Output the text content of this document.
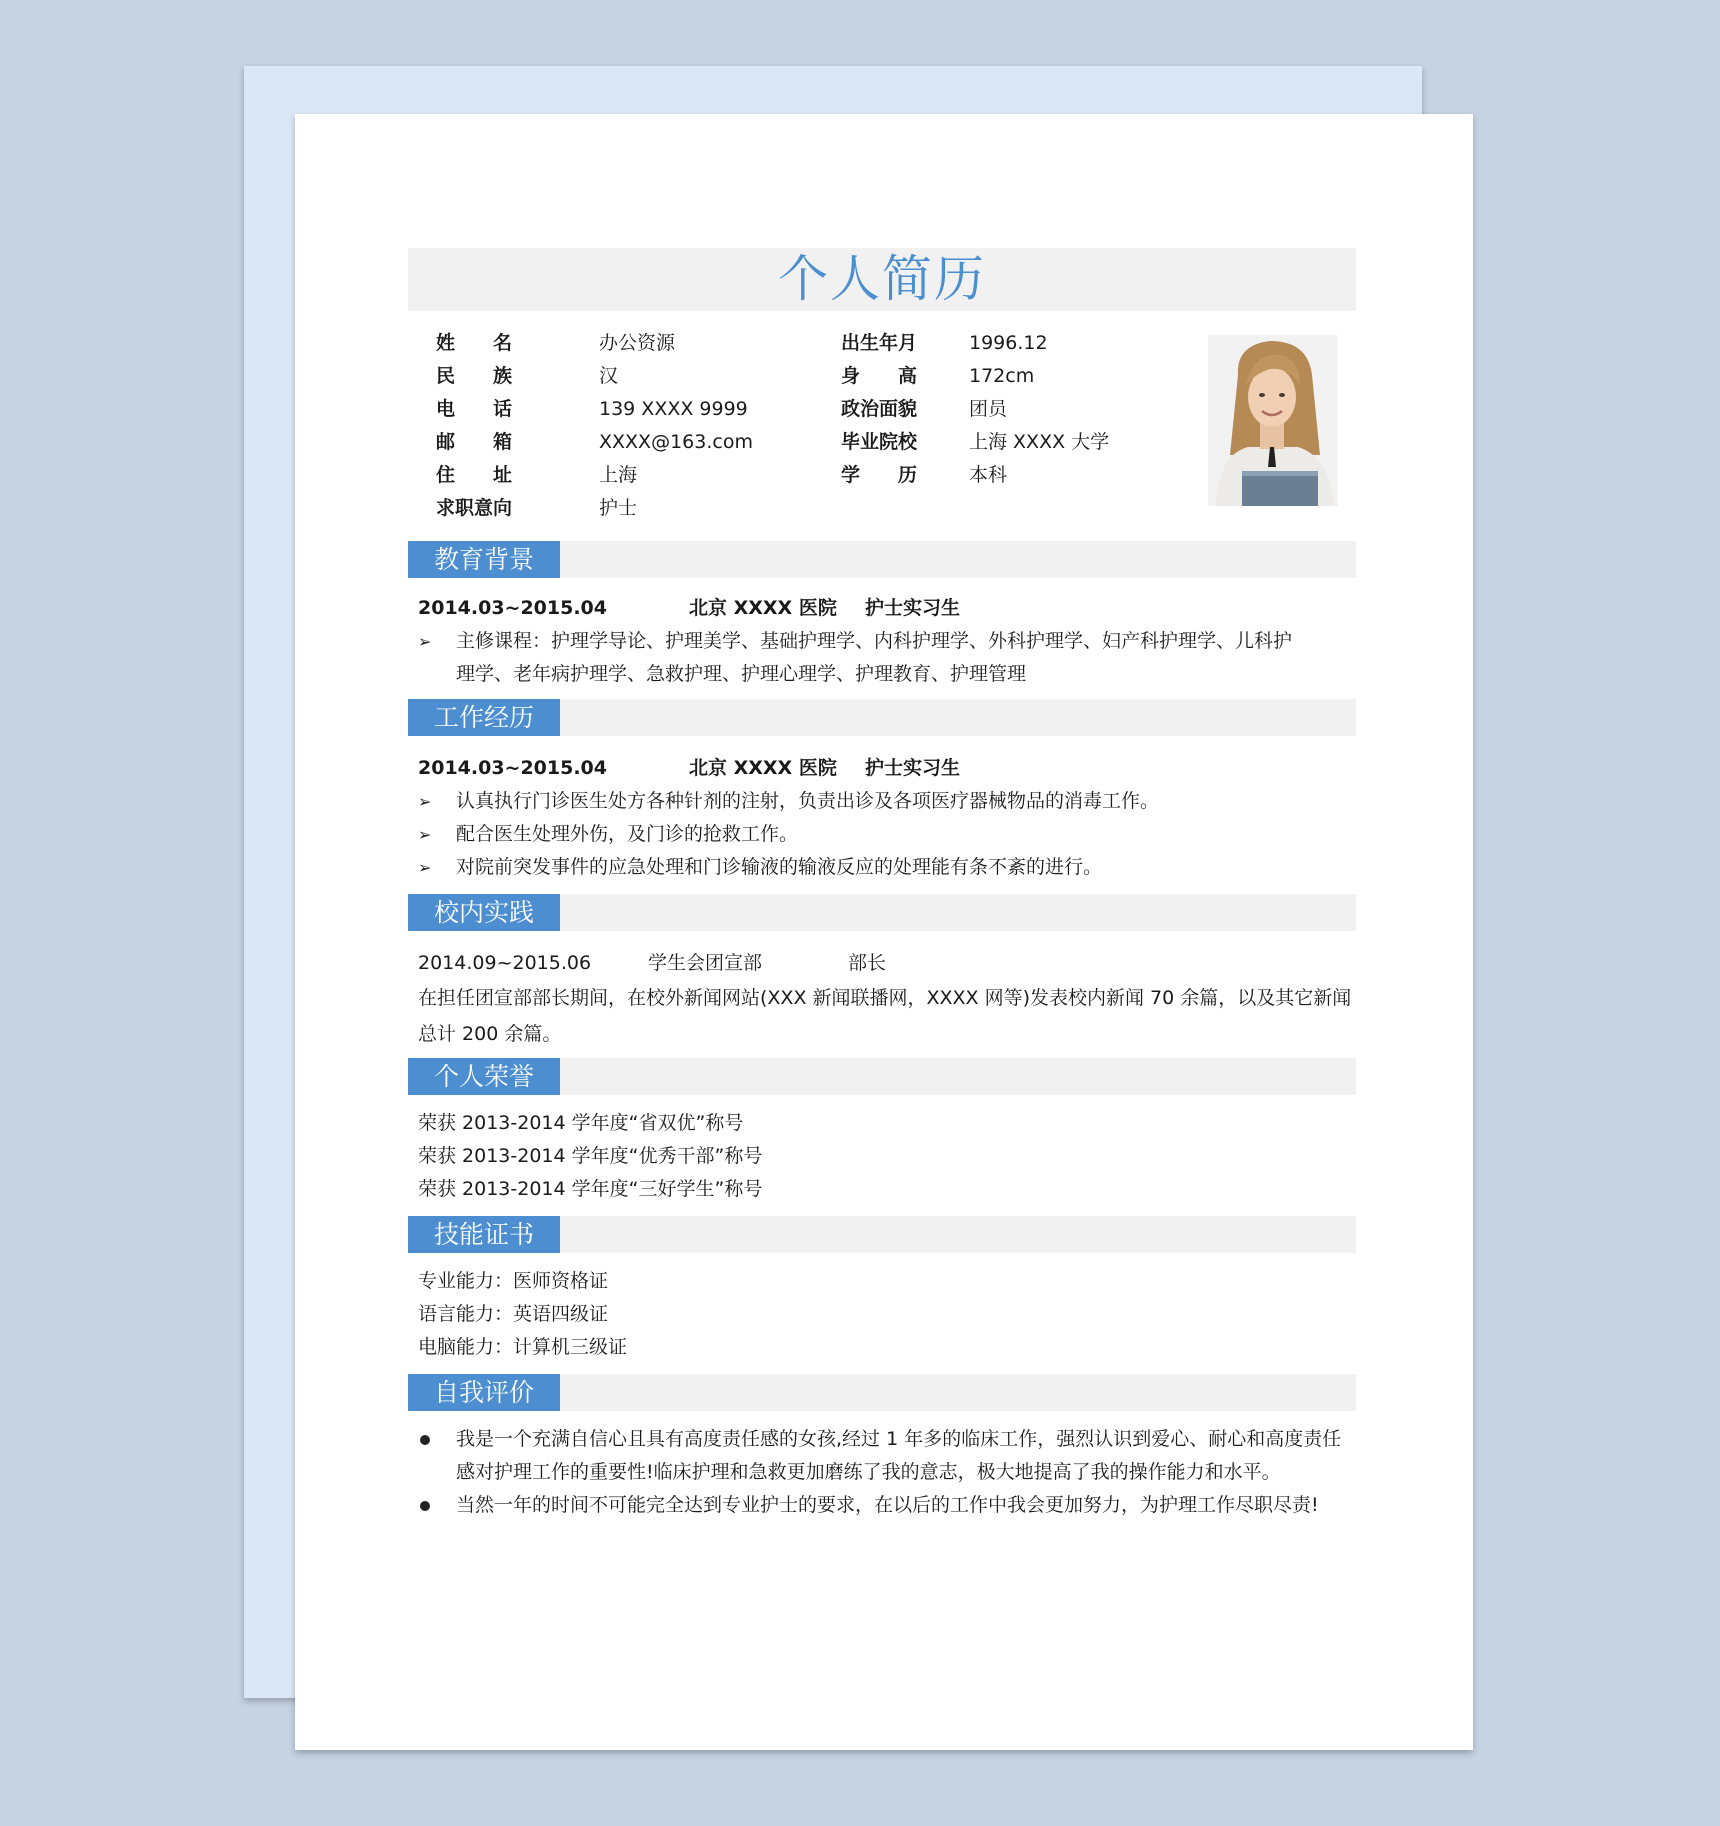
个人简历
姓　　名	办公资源
民　　族	汉
电　　话	139 XXXX 9999
邮　　箱	XXXX@163.com
住　　址	上海
求职意向	护士
出生年月	1996.12
身　　高	172cm
政治面貌	团员
毕业院校	上海 XXXX 大学
学　　历	本科
教育背景
2014.03~2015.04	北京 XXXX 医院 护士实习生
➢ 主修课程：护理学导论、护理美学、基础护理学、内科护理学、外科护理学、妇产科护理学、儿科护
理学、老年病护理学、急救护理、护理心理学、护理教育、护理管理
工作经历
2014.03~2015.04	北京 XXXX 医院 护士实习生
➢ 认真执行门诊医生处方各种针剂的注射，负责出诊及各项医疗器械物品的消毒工作。
➢ 配合医生处理外伤，及门诊的抢救工作。
➢ 对院前突发事件的应急处理和门诊输液的输液反应的处理能有条不紊的进行。
校内实践
2014.09~2015.06	学生会团宣部	部长
在担任团宣部部长期间，在校外新闻网站(XXX 新闻联播网，XXXX 网等)发表校内新闻 70 余篇，以及其它新闻
总计 200 余篇。
个人荣誉
荣获 2013-2014 学年度“省双优”称号
荣获 2013-2014 学年度“优秀干部”称号
荣获 2013-2014 学年度“三好学生”称号
技能证书
专业能力：医师资格证
语言能力：英语四级证
电脑能力：计算机三级证
自我评价
我是一个充满自信心且具有高度责任感的女孩,经过 1 年多的临床工作，强烈认识到爱心、耐心和高度责任
感对护理工作的重要性!临床护理和急救更加磨练了我的意志，极大地提高了我的操作能力和水平。
当然一年的时间不可能完全达到专业护士的要求，在以后的工作中我会更加努力，为护理工作尽职尽责!
